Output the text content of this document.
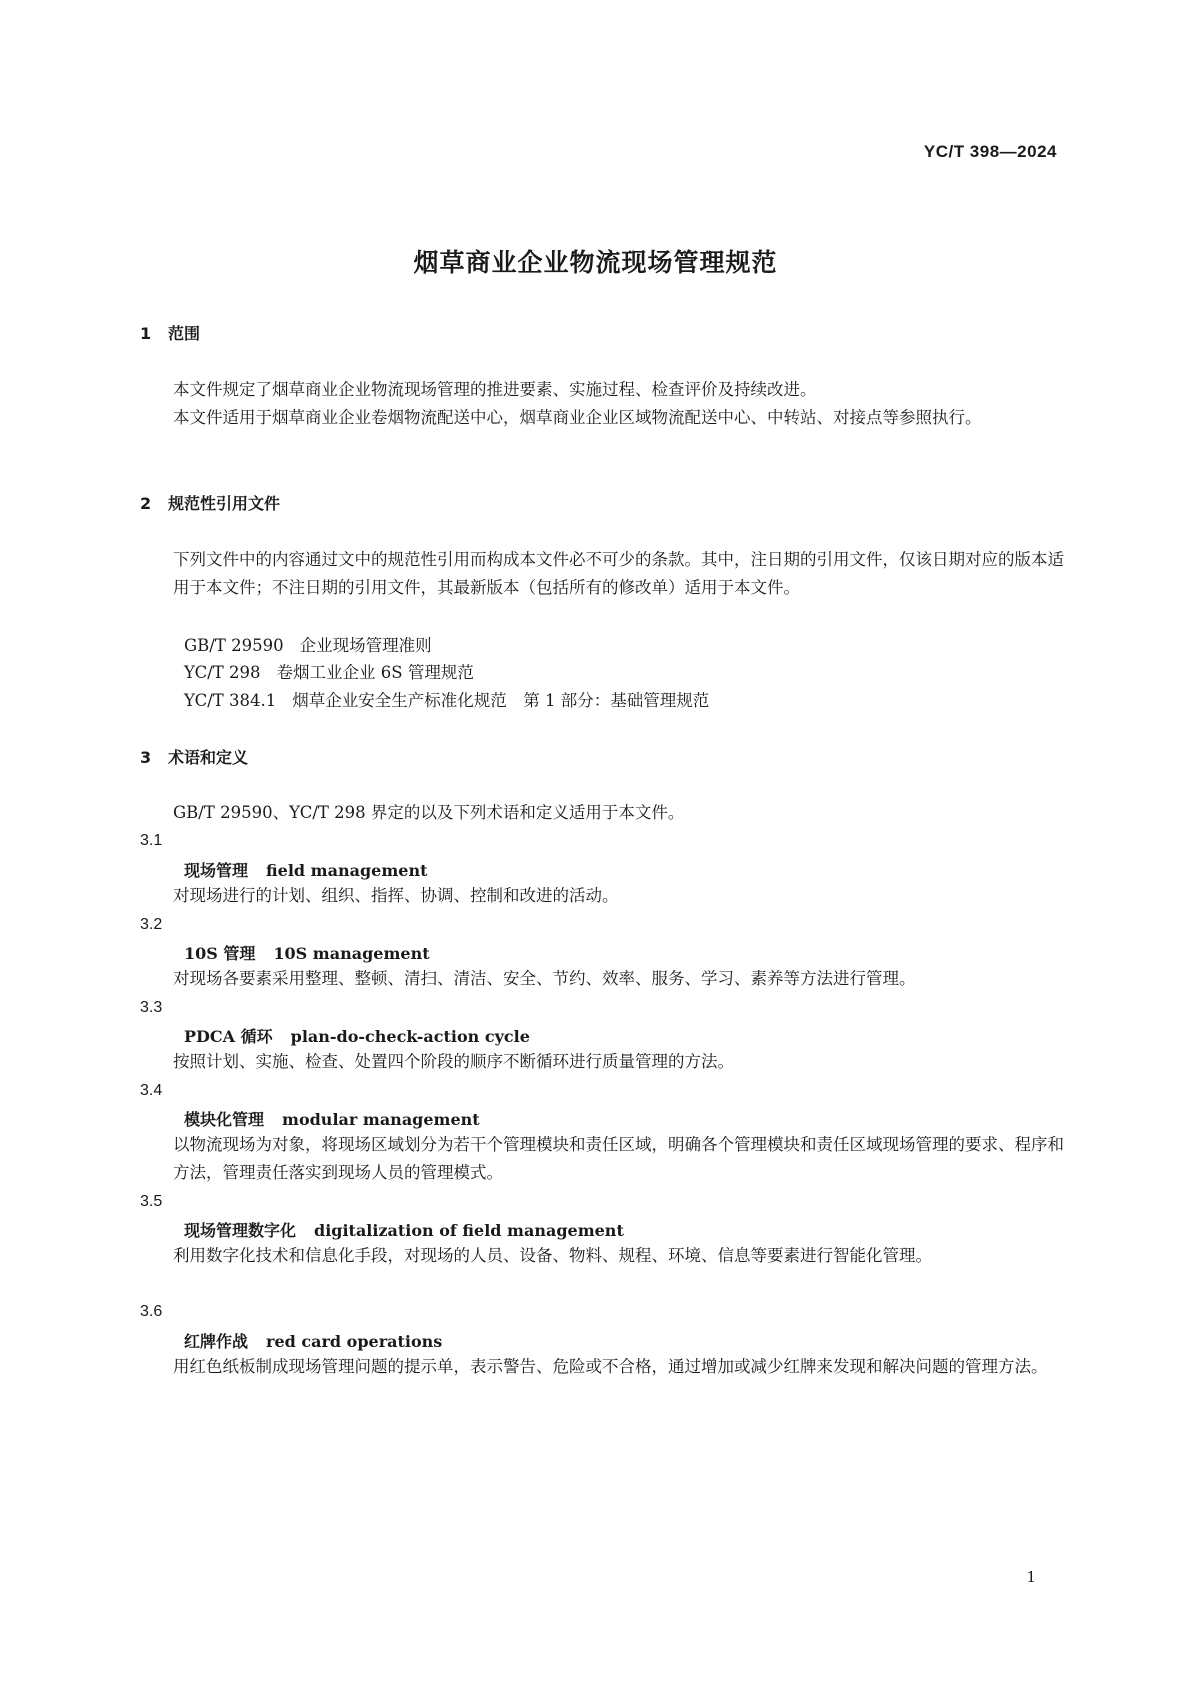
YC/T 398—2024
烟草商业企业物流现场管理规范
1 范围
本文件规定了烟草商业企业物流现场管理的推进要素、实施过程、检查评价及持续改进。
本文件适用于烟草商业企业卷烟物流配送中心，烟草商业企业区域物流配送中心、中转站、对接点等参照执行。
2 规范性引用文件
下列文件中的内容通过文中的规范性引用而构成本文件必不可少的条款。其中，注日期的引用文件，仅该日期对应的版本适用于本文件；不注日期的引用文件，其最新版本（包括所有的修改单）适用于本文件。
GB/T 29590 企业现场管理准则
YC/T 298 卷烟工业企业 6S 管理规范
YC/T 384.1 烟草企业安全生产标准化规范　第 1 部分：基础管理规范
3 术语和定义
GB/T 29590、YC/T 298 界定的以及下列术语和定义适用于本文件。
3.1
现场管理 field management
对现场进行的计划、组织、指挥、协调、控制和改进的活动。
3.2
10S 管理 10S management
对现场各要素采用整理、整顿、清扫、清洁、安全、节约、效率、服务、学习、素养等方法进行管理。
3.3
PDCA 循环 plan-do-check-action cycle
按照计划、实施、检查、处置四个阶段的顺序不断循环进行质量管理的方法。
3.4
模块化管理 modular management
以物流现场为对象，将现场区域划分为若干个管理模块和责任区域，明确各个管理模块和责任区域现场管理的要求、程序和方法，管理责任落实到现场人员的管理模式。
3.5
现场管理数字化 digitalization of field management
利用数字化技术和信息化手段，对现场的人员、设备、物料、规程、环境、信息等要素进行智能化管理。
3.6
红牌作战 red card operations
用红色纸板制成现场管理问题的提示单，表示警告、危险或不合格，通过增加或减少红牌来发现和解决问题的管理方法。
1
